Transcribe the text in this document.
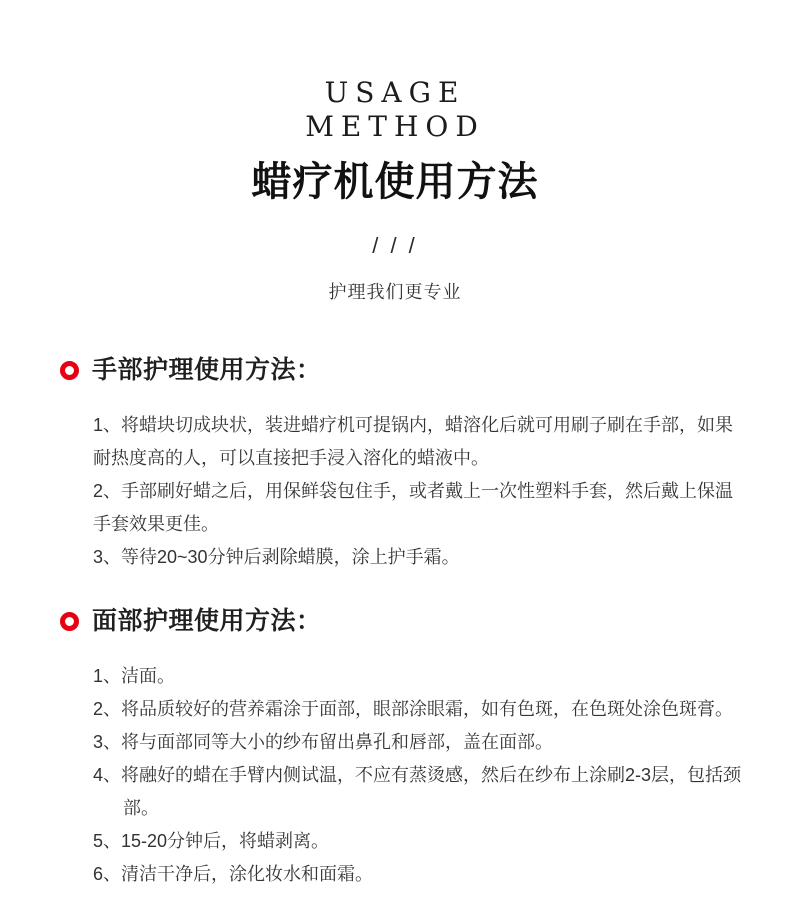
USAGE
METHOD
蜡疗机使用方法
/ / /
护理我们更专业
手部护理使用方法：

1、将蜡块切成块状，装进蜡疗机可提锅内，蜡溶化后就可用刷子刷在手部，如果耐热度高的人，可以直接把手浸入溶化的蜡液中。

2、手部刷好蜡之后，用保鲜袋包住手，或者戴上一次性塑料手套，然后戴上保温手套效果更佳。

3、等待20~30分钟后剥除蜡膜，涂上护手霜。

面部护理使用方法：

1、洁面。

2、将品质较好的营养霜涂于面部，眼部涂眼霜，如有色斑，在色斑处涂色斑膏。

3、将与面部同等大小的纱布留出鼻孔和唇部，盖在面部。

4、将融好的蜡在手臂内侧试温，不应有蒸烫感，然后在纱布上涂刷2-3层，包括颈部。

5、15-20分钟后，将蜡剥离。

6、清洁干净后，涂化妆水和面霜。
